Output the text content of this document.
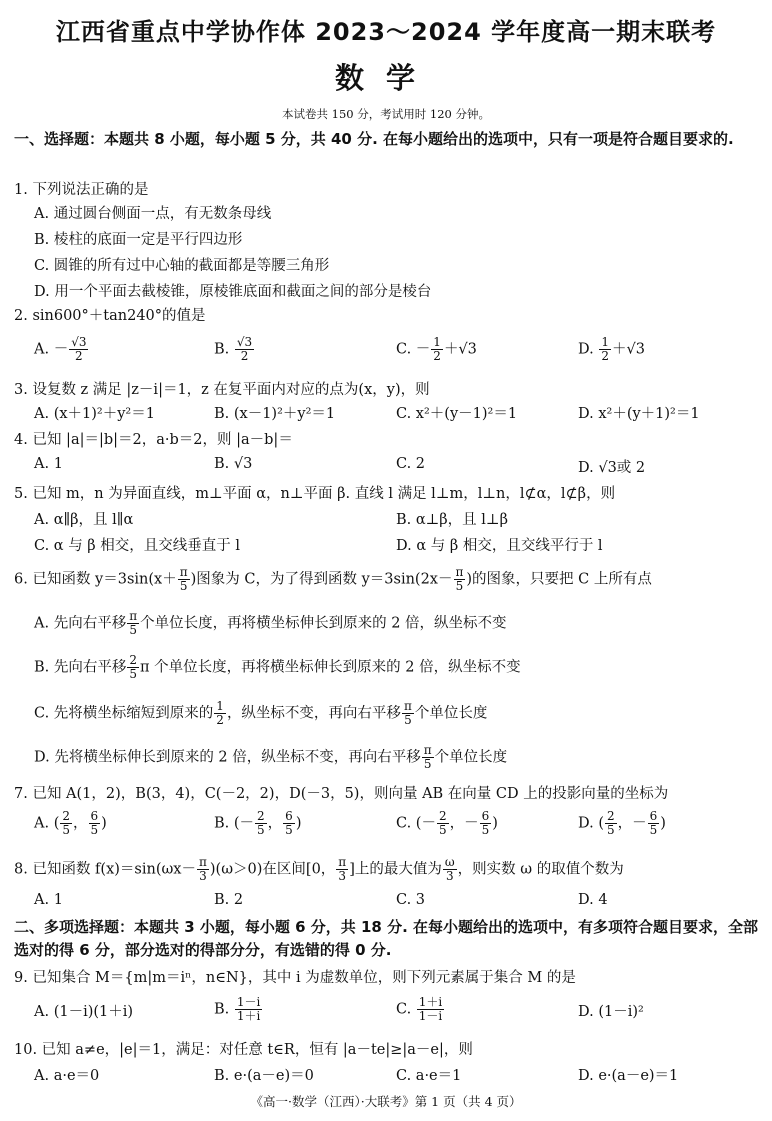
江西省重点中学协作体 2023～2024 学年度高一期末联考
数学
本试卷共 150 分，考试用时 120 分钟。
一、选择题：本题共 8 小题，每小题 5 分，共 40 分. 在每小题给出的选项中，只有一项是符合题目要求的.
1. 下列说法正确的是
A. 通过圆台侧面一点，有无数条母线
B. 棱柱的底面一定是平行四边形
C. 圆锥的所有过中心轴的截面都是等腰三角形
D. 用一个平面去截棱锥，原棱锥底面和截面之间的部分是棱台
2. sin600°＋tan240°的值是
A. － $\frac{√3}{2}$	B. $\frac{√3}{2}$	C. － $\frac{1}{2} +√3$	D. $\frac{1}{2} +√3$
3. 设复数 z 满足 |z－i|＝1，z 在复平面内对应的点为(x，y)，则
A. (x＋1)²＋y²＝1	B. (x－1)²＋y²＝1	C. x²＋(y－1)²＝1	D. x²＋(y＋1)²＝1
4. 已知 |a|＝|b|＝2，a·b＝2，则 |a－b|＝
A. 1	B. √3	C. 2	D. √3或 2
5. 已知 m，n 为异面直线，m⊥平面 α，n⊥平面 β. 直线 l 满足 l⊥m，l⊥n，l⊄α，l⊄β，则
A. α∥β，且 l∥α	B. α⊥β，且 l⊥β
C. α 与 β 相交，且交线垂直于 l	D. α 与 β 相交，且交线平行于 l
6. 已知函数 $y=3\sin(x+ \frac{\pi}{5}$ )图象为 C，为了得到函数 $y=3\sin(2x- \frac{\pi}{5}$ )的图象，只要把 C 上所有点
A. 先向右平移 $\frac{\pi}{5}$ 个单位长度，再将横坐标伸长到原来的 2 倍，纵坐标不变
B. 先向右平移 $\frac{2}{5}$ π 个单位长度，再将横坐标伸长到原来的 2 倍，纵坐标不变
C. 先将横坐标缩短到原来的 $\frac{1}{2}$ ，纵坐标不变，再向右平移 $\frac{\pi}{5}$ 个单位长度
D. 先将横坐标伸长到原来的 2 倍，纵坐标不变，再向右平移 $\frac{\pi}{5}$ 个单位长度
7. 已知 A(1，2)，B(3，4)，C(－2，2)，D(－3，5)，则向量 AB 在向量 CD 上的投影向量的坐标为
A. ( $\frac{2}{5}$ ， $\frac{6}{5}$ )	B. (－ $\frac{2}{5}$ ， $\frac{6}{5}$ )	C. (－ $\frac{2}{5}$ ，－ $\frac{6}{5}$ )	D. ( $\frac{2}{5}$ ，－ $\frac{6}{5}$ )
8. 已知函数 $f(x)=\sin(\omega x- \frac{\pi}{3} )(\omega>0)$在区间[0， $\frac{\pi}{3}$ ]上的最大值为 $\frac{\omega}{3}$ ，则实数 ω 的取值个数为
A. 1	B. 2	C. 3	D. 4
二、多项选择题：本题共 3 小题，每小题 6 分，共 18 分. 在每小题给出的选项中，有多项符合题目要求，全部选对的得 6 分，部分选对的得部分分，有选错的得 0 分.
9. 已知集合 M＝{m|m＝iⁿ，n∈N}，其中 i 为虚数单位，则下列元素属于集合 M 的是
A. (1－i)(1＋i)	B. $\frac{1-i}{1+i}$	C. $\frac{1+i}{1-i}$	D. (1－i)²
10. 已知 a≠e，|e|＝1，满足：对任意 t∈R，恒有 |a－te|≥|a－e|，则
A. a·e＝0	B. e·(a－e)＝0	C. a·e＝1	D. e·(a－e)＝1
《高一·数学（江西）·大联考》第 1 页（共 4 页）
